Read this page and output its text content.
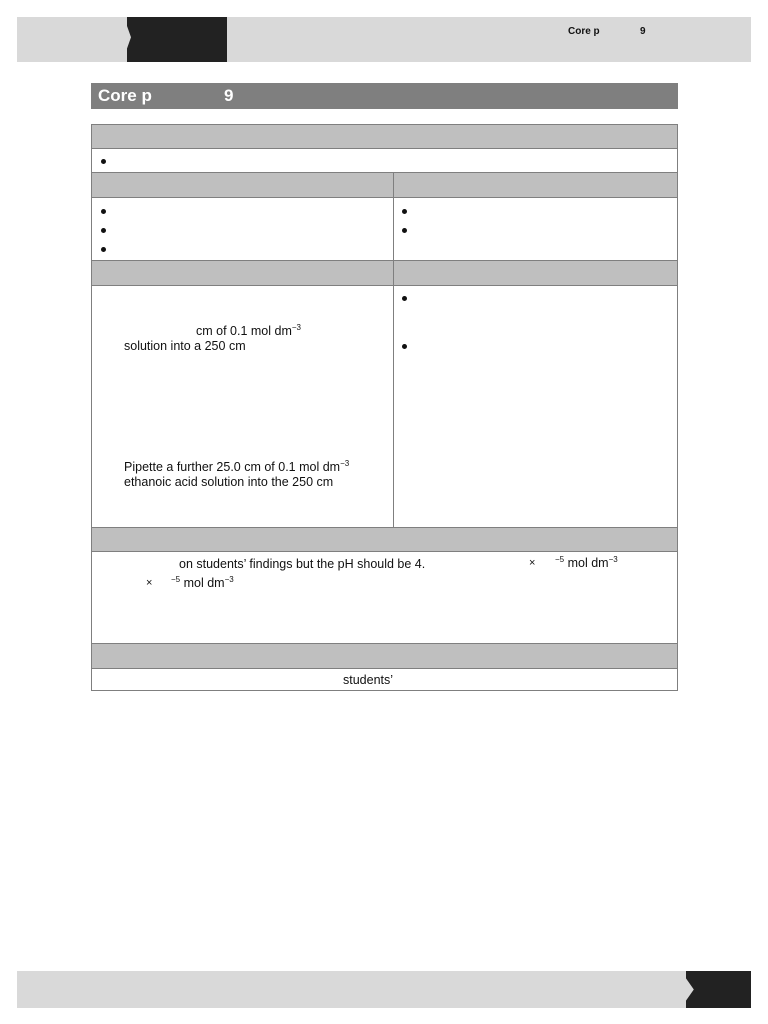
Core p	9
Core p	9
cm of 0.1 mol $dm^{-3}$
solution into a 250 cm
Pipette a further 25.0 cm of 0.1 mol $dm^{-3}$
ethanoic acid solution into the 250 cm
on students’ findings but the pH should be 4.	× $^{-5}$ mol $dm^{-3}$
× $^{-5}$ mol $dm^{-3}$
students’
